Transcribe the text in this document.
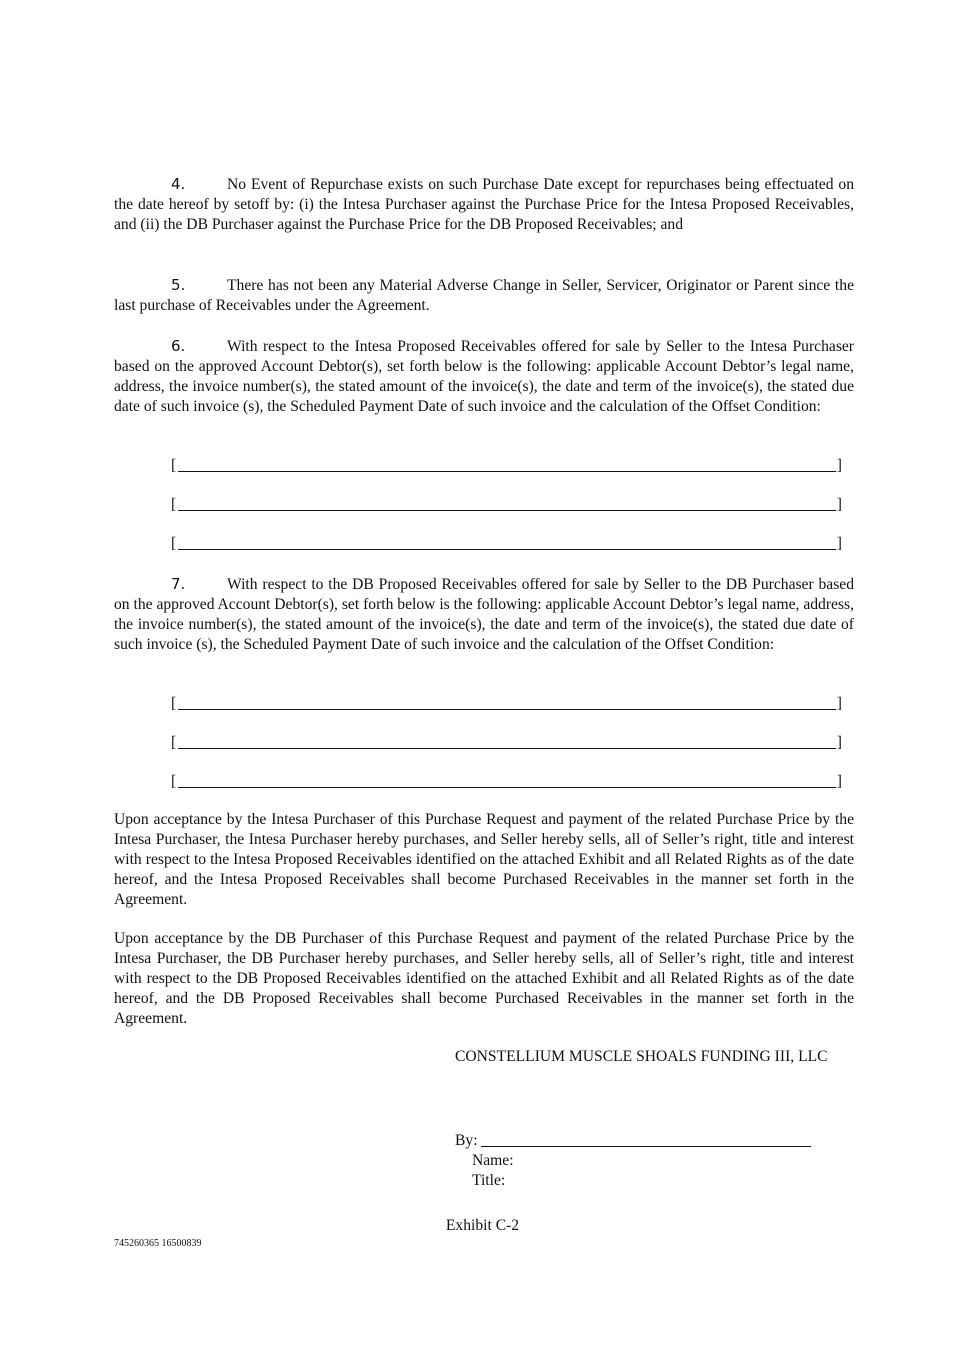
4.	No Event of Repurchase exists on such Purchase Date except for repurchases being effectuated on the date hereof by setoff by: (i) the Intesa Purchaser against the Purchase Price for the Intesa Proposed Receivables, and (ii) the DB Purchaser against the Purchase Price for the DB Proposed Receivables; and

5.	There has not been any Material Adverse Change in Seller, Servicer, Originator or Parent since the last purchase of Receivables under the Agreement.

6.	With respect to the Intesa Proposed Receivables offered for sale by Seller to the Intesa Purchaser based on the approved Account Debtor(s), set forth below is the following: applicable Account Debtor’s legal name, address, the invoice number(s), the stated amount of the invoice(s), the date and term of the invoice(s), the stated due date of such invoice (s), the Scheduled Payment Date of such invoice and the calculation of the Offset Condition:

[	]
[	]
[	]

7.	With respect to the DB Proposed Receivables offered for sale by Seller to the DB Purchaser based on the approved Account Debtor(s), set forth below is the following: applicable Account Debtor’s legal name, address, the invoice number(s), the stated amount of the invoice(s), the date and term of the invoice(s), the stated due date of such invoice (s), the Scheduled Payment Date of such invoice and the calculation of the Offset Condition:

[	]
[	]
[	]

Upon acceptance by the Intesa Purchaser of this Purchase Request and payment of the related Purchase Price by the Intesa Purchaser, the Intesa Purchaser hereby purchases, and Seller hereby sells, all of Seller’s right, title and interest with respect to the Intesa Proposed Receivables identified on the attached Exhibit and all Related Rights as of the date hereof, and the Intesa Proposed Receivables shall become Purchased Receivables in the manner set forth in the Agreement.

Upon acceptance by the DB Purchaser of this Purchase Request and payment of the related Purchase Price by the Intesa Purchaser, the DB Purchaser hereby purchases, and Seller hereby sells, all of Seller’s right, title and interest with respect to the DB Proposed Receivables identified on the attached Exhibit and all Related Rights as of the date hereof, and the DB Proposed Receivables shall become Purchased Receivables in the manner set forth in the Agreement.

CONSTELLIUM MUSCLE SHOALS FUNDING III, LLC

By:
Name:
Title:
Exhibit C-2
745260365 16500839
